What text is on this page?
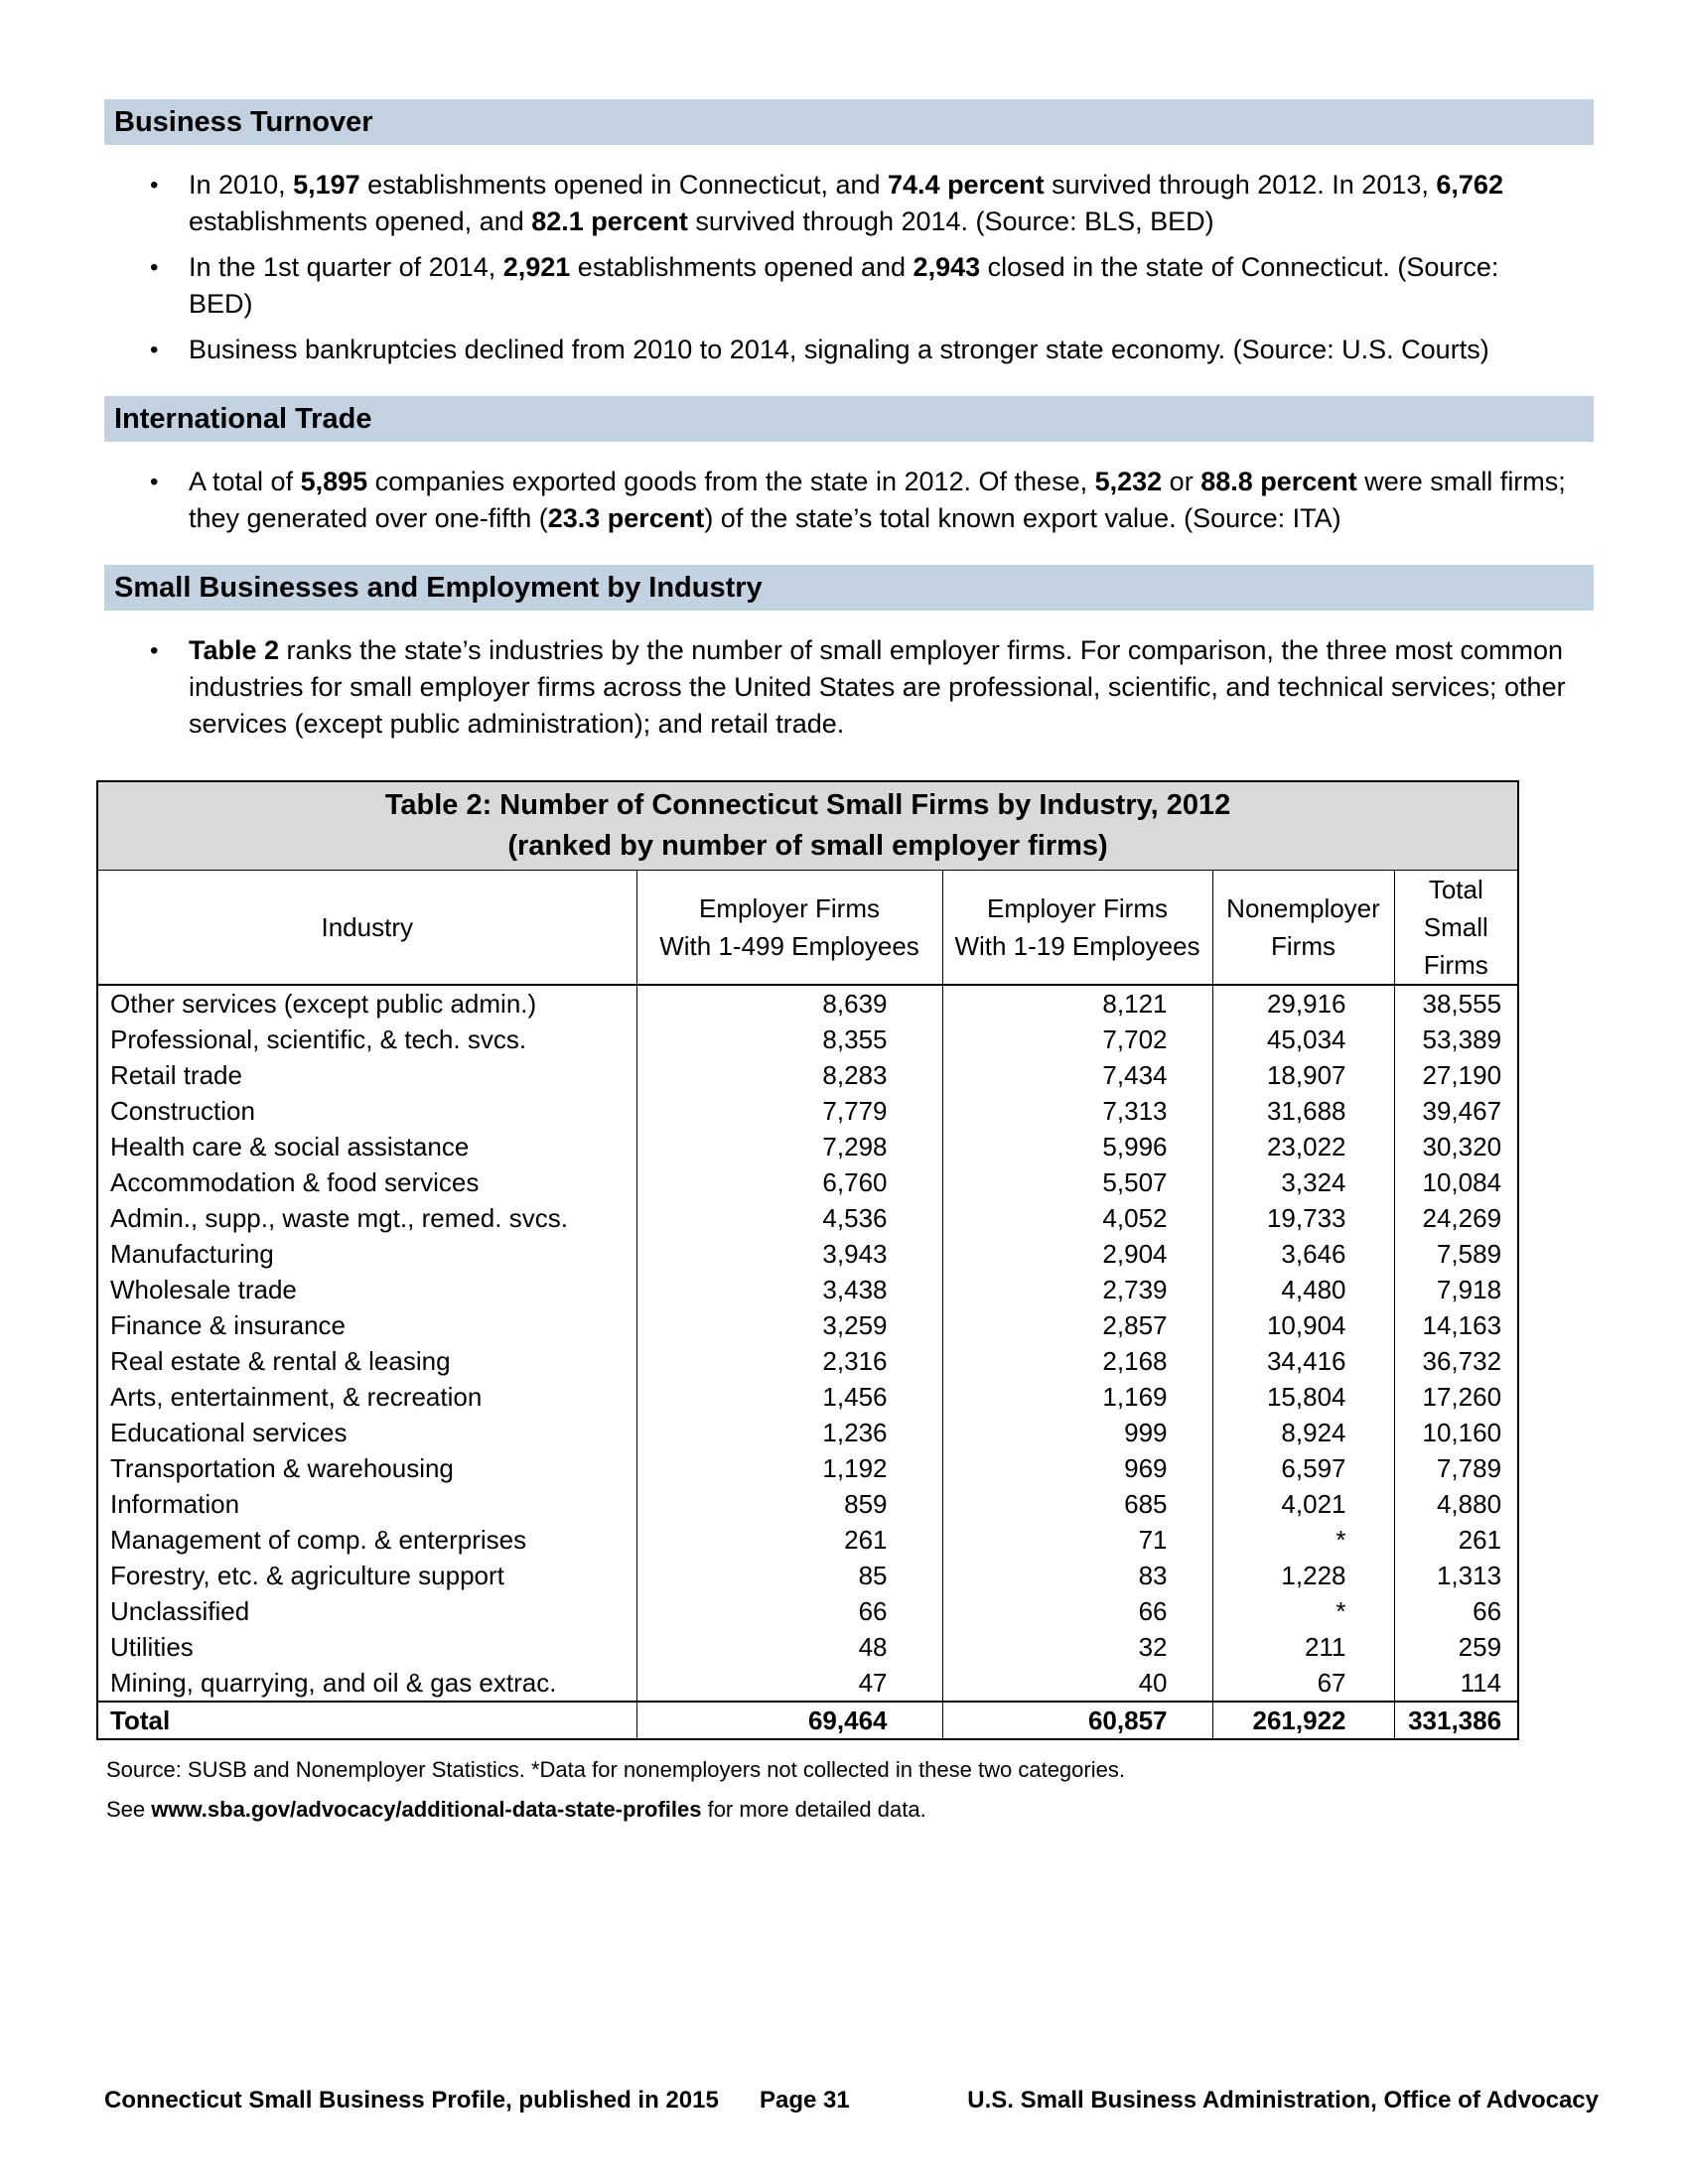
Business Turnover
• In 2010, 5,197 establishments opened in Connecticut, and 74.4 percent survived through 2012. In 2013, 6,762 establishments opened, and 82.1 percent survived through 2014. (Source: BLS, BED)
• In the 1st quarter of 2014, 2,921 establishments opened and 2,943 closed in the state of Connecticut. (Source: BED)
• Business bankruptcies declined from 2010 to 2014, signaling a stronger state economy. (Source: U.S. Courts)
International Trade
• A total of 5,895 companies exported goods from the state in 2012. Of these, 5,232 or 88.8 percent were small firms; they generated over one-fifth (23.3 percent) of the state’s total known export value. (Source: ITA)
Small Businesses and Employment by Industry
• Table 2 ranks the state’s industries by the number of small employer firms. For comparison, the three most common industries for small employer firms across the United States are professional, scientific, and technical services; other services (except public administration); and retail trade.
Table 2: Number of Connecticut Small Firms by Industry, 2012
(ranked by number of small employer firms)				

Industry

Employer Firms
With 1-499 Employees

Employer Firms
With 1-19 Employees

Nonemployer
Firms

Total Small
Firms

Other services (except public admin.)	8,639	8,121	29,916	38,555
Professional, scientific, & tech. svcs.	8,355	7,702	45,034	53,389
Retail trade	8,283	7,434	18,907	27,190
Construction	7,779	7,313	31,688	39,467
Health care & social assistance	7,298	5,996	23,022	30,320
Accommodation & food services	6,760	5,507	3,324	10,084
Admin., supp., waste mgt., remed. svcs.	4,536	4,052	19,733	24,269
Manufacturing	3,943	2,904	3,646	7,589
Wholesale trade	3,438	2,739	4,480	7,918
Finance & insurance	3,259	2,857	10,904	14,163
Real estate & rental & leasing	2,316	2,168	34,416	36,732
Arts, entertainment, & recreation	1,456	1,169	15,804	17,260
Educational services	1,236	999	8,924	10,160
Transportation & warehousing	1,192	969	6,597	7,789
Information	859	685	4,021	4,880
Management of comp. & enterprises	261	71	*	261
Forestry, etc. & agriculture support	85	83	1,228	1,313
Unclassified	66	66	*	66
Utilities	48	32	211	259
Mining, quarrying, and oil & gas extrac.	47	40	67	114
Total	69,464	60,857	261,922	331,386
Source: SUSB and Nonemployer Statistics. *Data for nonemployers not collected in these two categories.
See www.sba.gov/advocacy/additional-data-state-profiles for more detailed data.
Connecticut Small Business Profile, published in 2015 Page 31	U.S. Small Business Administration, Office of Advocacy
